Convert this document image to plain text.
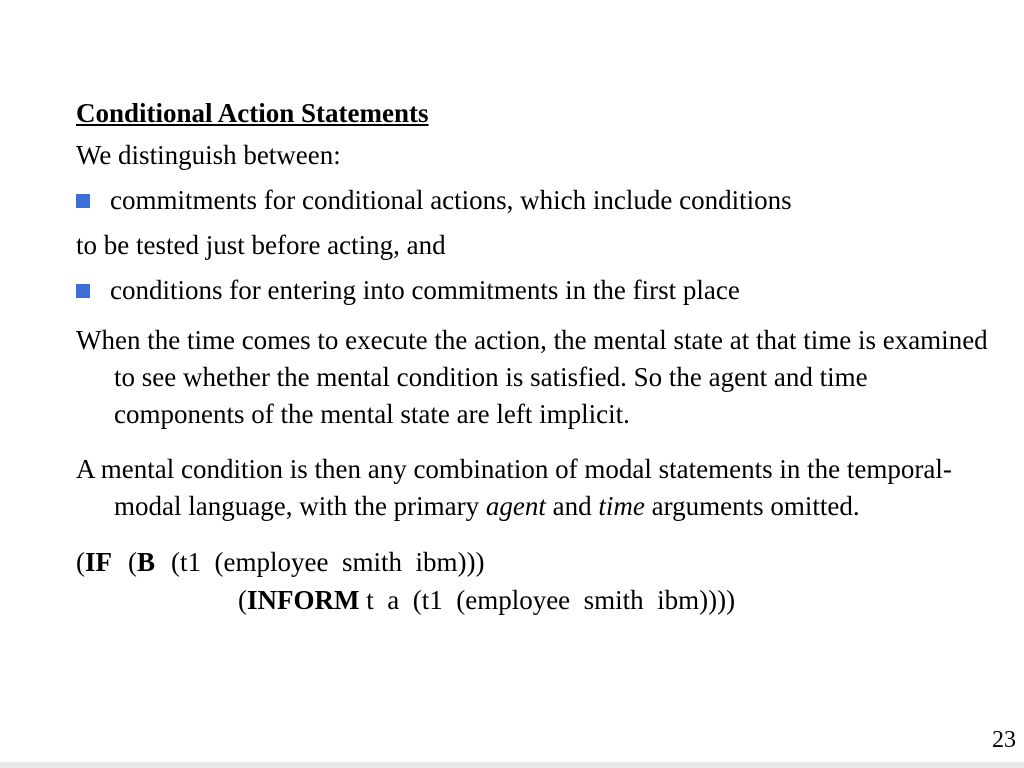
Conditional Action Statements

We distinguish between:

commitments for conditional actions, which include conditions

to be tested just before acting, and

conditions for entering into commitments in the first place

When the time comes to execute the action, the mental state at that time is examined to see whether the mental condition is satisfied. So the agent and time components of the mental state are left implicit.

A mental condition is then any combination of modal statements in the temporal-modal language, with the primary agent and time arguments omitted.

(IF (B (t1  (employee  smith  ibm)))

(INFORM t  a  (t1  (employee  smith  ibm))))

23
